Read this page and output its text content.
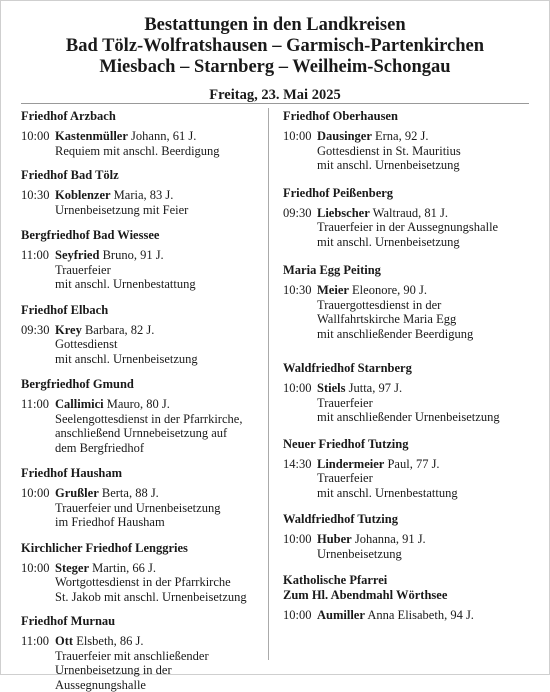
Bestattungen in den Landkreisen

Bad Tölz-Wolfratshausen – Garmisch-Partenkirchen

Miesbach – Starnberg – Weilheim-Schongau

Freitag, 23. Mai 2025
Friedhof Arzbach
10:00 Kastenmüller Johann, 61 J.
Requiem mit anschl. Beerdigung
Friedhof Bad Tölz
10:30 Koblenzer Maria, 83 J.
Urnenbeisetzung mit Feier
Bergfriedhof Bad Wiessee
11:00 Seyfried Bruno, 91 J.
Trauerfeier
mit anschl. Urnenbestattung
Friedhof Elbach
09:30 Krey Barbara, 82 J.
Gottesdienst
mit anschl. Urnenbeisetzung
Bergfriedhof Gmund
11:00 Callimici Mauro, 80 J.
Seelengottesdienst in der Pfarrkirche,
anschließend Urnnebeisetzung auf
dem Bergfriedhof
Friedhof Hausham
10:00 Grußler Berta, 88 J.
Trauerfeier und Urnenbeisetzung
im Friedhof Hausham
Kirchlicher Friedhof Lenggries
10:00 Steger Martin, 66 J.
Wortgottesdienst in der Pfarrkirche
St. Jakob mit anschl. Urnenbeisetzung
Friedhof Murnau
11:00 Ott Elsbeth, 86 J.
Trauerfeier mit anschließender
Urnenbeisetzung in der
Aussegnungshalle
Friedhof Oberhausen
10:00 Dausinger Erna, 92 J.
Gottesdienst in St. Mauritius
mit anschl. Urnenbeisetzung
Friedhof Peißenberg
09:30 Liebscher Waltraud, 81 J.
Trauerfeier in der Aussegnungshalle
mit anschl. Urnenbeisetzung
Maria Egg Peiting
10:30 Meier Eleonore, 90 J.
Trauergottesdienst in der
Wallfahrtskirche Maria Egg
mit anschließender Beerdigung
Waldfriedhof Starnberg
10:00 Stiels Jutta, 97 J.
Trauerfeier
mit anschließender Urnenbeisetzung
Neuer Friedhof Tutzing
14:30 Lindermeier Paul, 77 J.
Trauerfeier
mit anschl. Urnenbestattung
Waldfriedhof Tutzing
10:00 Huber Johanna, 91 J.
Urnenbeisetzung
Katholische Pfarrei
Zum Hl. Abendmahl Wörthsee
10:00 Aumiller Anna Elisabeth, 94 J.
